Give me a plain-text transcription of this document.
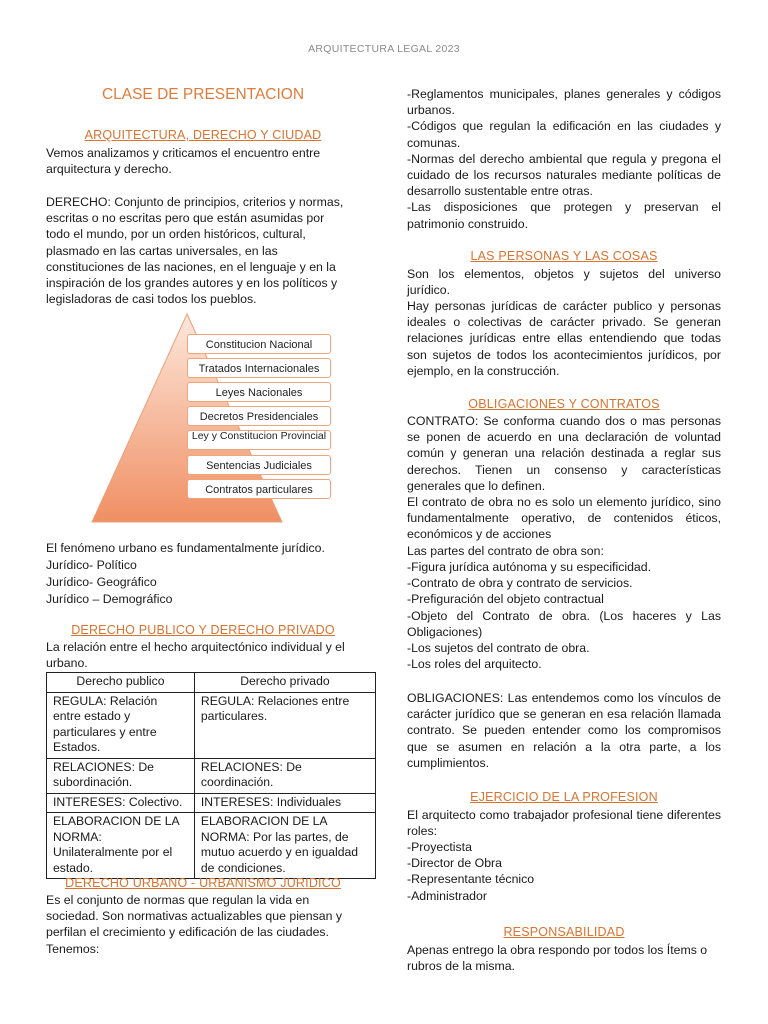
ARQUITECTURA LEGAL 2023
CLASE DE PRESENTACION
ARQUITECTURA, DERECHO Y CIUDAD
Vemos analizamos y criticamos el encuentro entre arquitectura y derecho.
DERECHO: Conjunto de principios, criterios y normas, escritas o no escritas pero que están asumidas por todo el mundo, por un orden históricos, cultural, plasmado en las cartas universales, en las constituciones de las naciones, en el lenguaje y en la inspiración de los grandes autores y en los políticos y legisladoras de casi todos los pueblos.
Constitucion Nacional
Tratados Internacionales
Leyes Nacionales
Decretos Presidenciales
Ley y Constitucion Provincial
Sentencias Judiciales
Contratos particulares
El fenómeno urbano es fundamentalmente jurídico.
Jurídico- Político
Jurídico- Geográfico
Jurídico – Demográfico
DERECHO PUBLICO Y DERECHO PRIVADO
La relación entre el hecho arquitectónico individual y el urbano.
Derecho publico	Derecho privado
REGULA: Relación entre estado y particulares y entre Estados.	REGULA: Relaciones entre particulares.
RELACIONES: De subordinación.	RELACIONES: De coordinación.
INTERESES: Colectivo.	INTERESES: Individuales
ELABORACION DE LA NORMA: Unilateralmente por el estado.	ELABORACION DE LA NORMA: Por las partes, de mutuo acuerdo y en igualdad de condiciones.
DERECHO URBANO - URBANISMO JURIDICO
Es el conjunto de normas que regulan la vida en sociedad. Son normativas actualizables que piensan y perfilan el crecimiento y edificación de las ciudades. Tenemos:
-Reglamentos municipales, planes generales y códigos urbanos.
-Códigos que regulan la edificación en las ciudades y comunas.
-Normas del derecho ambiental que regula y pregona el cuidado de los recursos naturales mediante políticas de desarrollo sustentable entre otras.
-Las disposiciones que protegen y preservan el patrimonio construido.
LAS PERSONAS Y LAS COSAS
Son los elementos, objetos y sujetos del universo jurídico.
Hay personas jurídicas de carácter publico y personas ideales o colectivas de carácter privado. Se generan relaciones jurídicas entre ellas entendiendo que todas son sujetos de todos los acontecimientos jurídicos, por ejemplo, en la construcción.
OBLIGACIONES Y CONTRATOS
CONTRATO: Se conforma cuando dos o mas personas se ponen de acuerdo en una declaración de voluntad común y generan una relación destinada a reglar sus derechos. Tienen un consenso y características generales que lo definen.
El contrato de obra no es solo un elemento jurídico, sino fundamentalmente operativo, de contenidos éticos, económicos y de acciones
Las partes del contrato de obra son:
-Figura jurídica autónoma y su especificidad.
-Contrato de obra y contrato de servicios.
-Prefiguración del objeto contractual
-Objeto del Contrato de obra. (Los haceres y Las Obligaciones)
-Los sujetos del contrato de obra.
-Los roles del arquitecto.
OBLIGACIONES: Las entendemos como los vínculos de carácter jurídico que se generan en esa relación llamada contrato. Se pueden entender como los compromisos que se asumen en relación a la otra parte, a los cumplimientos.
EJERCICIO DE LA PROFESION
El arquitecto como trabajador profesional tiene diferentes roles:
-Proyectista
-Director de Obra
-Representante técnico
-Administrador
RESPONSABILIDAD
Apenas entrego la obra respondo por todos los Ítems o rubros de la misma.
